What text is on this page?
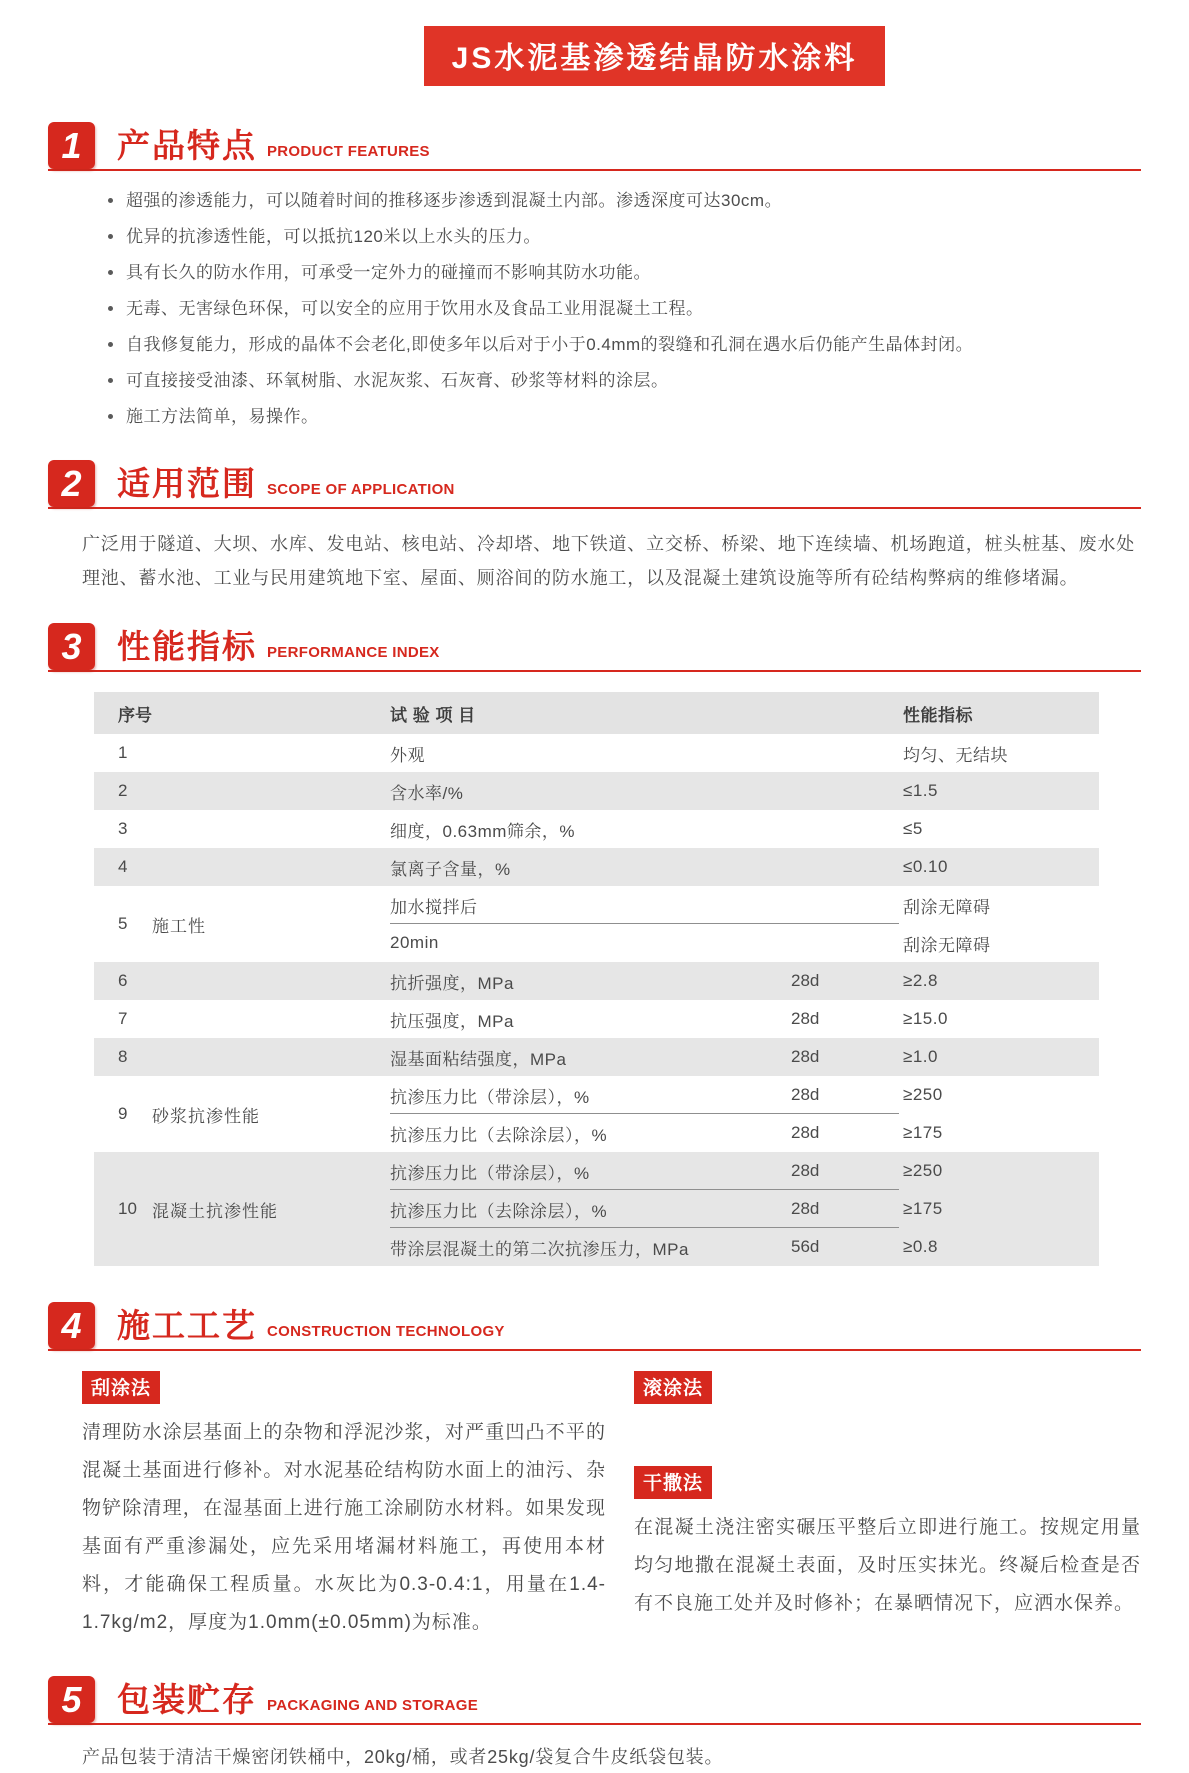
JS水泥基渗透结晶防水涂料
1	产品特点 PRODUCT FEATURES
超强的渗透能力，可以随着时间的推移逐步渗透到混凝土内部。渗透深度可达30cm。
优异的抗渗透性能，可以抵抗120米以上水头的压力。
具有长久的防水作用，可承受一定外力的碰撞而不影响其防水功能。
无毒、无害绿色环保，可以安全的应用于饮用水及食品工业用混凝土工程。
自我修复能力，形成的晶体不会老化,即使多年以后对于小于0.4mm的裂缝和孔洞在遇水后仍能产生晶体封闭。
可直接接受油漆、环氧树脂、水泥灰浆、石灰膏、砂浆等材料的涂层。
施工方法简单，易操作。
2	适用范围 SCOPE OF APPLICATION

广泛用于隧道、大坝、水库、发电站、核电站、冷却塔、地下铁道、立交桥、桥梁、地下连续墙、机场跑道，桩头桩基、废水处理池、蓄水池、工业与民用建筑地下室、屋面、厕浴间的防水施工，以及混凝土建筑设施等所有砼结构弊病的维修堵漏。

3	性能指标 PERFORMANCE INDEX
序号	试 验 项 目	性能指标
1	外观	均匀、无结块
2	含水率/%	≤1.5
3	细度，0.63mm筛余，%	≤5
4	氯离子含量，%	≤0.10
5	施工性
加水搅拌后	刮涂无障碍
20min	刮涂无障碍
6	抗折强度，MPa	28d	≥2.8
7	抗压强度，MPa	28d	≥15.0
8	湿基面粘结强度，MPa	28d	≥1.0
9	砂浆抗渗性能
抗渗压力比（带涂层），%	28d	≥250
抗渗压力比（去除涂层），%	28d	≥175
10 混凝土抗渗性能
抗渗压力比（带涂层），%	28d	≥250
抗渗压力比（去除涂层），%	28d	≥175
带涂层混凝土的第二次抗渗压力，MPa	56d	≥0.8
4	施工工艺 CONSTRUCTION TECHNOLOGY
刮涂法

清理防水涂层基面上的杂物和浮泥沙浆，对严重凹凸不平的混凝土基面进行修补。对水泥基砼结构防水面上的油污、杂物铲除清理，在湿基面上进行施工涂刷防水材料。如果发现基面有严重渗漏处，应先采用堵漏材料施工，再使用本材料，才能确保工程质量。水灰比为0.3-0.4:1，用量在1.4-1.7kg/m2，厚度为1.0mm(±0.05mm)为标准。

滚涂法
干撒法

在混凝土浇注密实碾压平整后立即进行施工。按规定用量均匀地撒在混凝土表面，及时压实抹光。终凝后检查是否有不良施工处并及时修补；在暴晒情况下，应洒水保养。

5	包装贮存 PACKAGING AND STORAGE

产品包装于清洁干燥密闭铁桶中，20kg/桶，或者25kg/袋复合牛皮纸袋包装。
